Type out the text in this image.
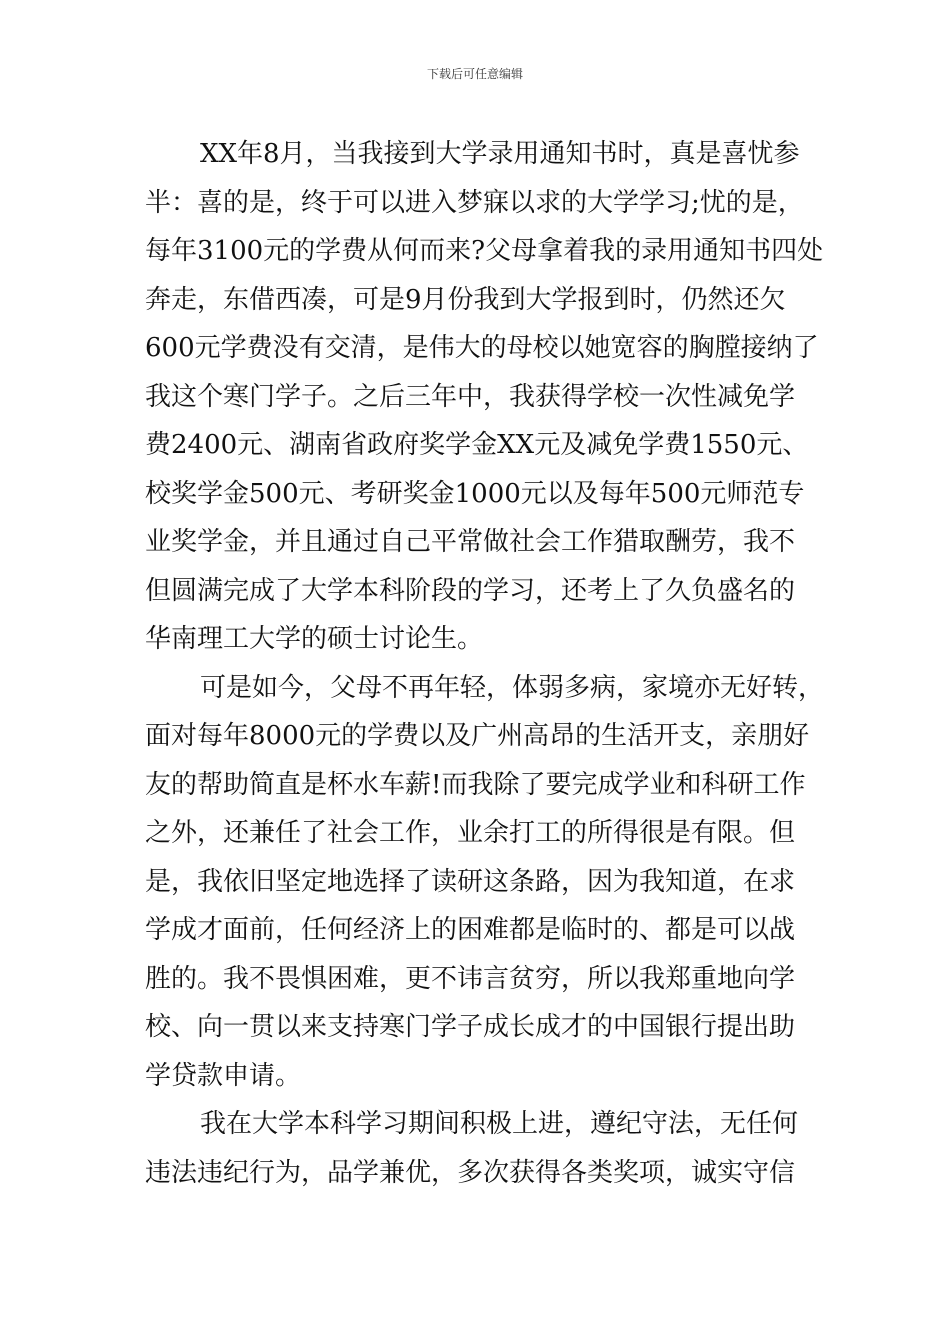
下载后可任意编辑
XX年8月，当我接到大学录用通知书时，真是喜忧参
半：喜的是，终于可以进入梦寐以求的大学学习;忧的是，
每年3100元的学费从何而来?父母拿着我的录用通知书四处
奔走，东借西凑，可是9月份我到大学报到时，仍然还欠
600元学费没有交清，是伟大的母校以她宽容的胸膛接纳了
我这个寒门学子。之后三年中，我获得学校一次性减免学
费2400元、湖南省政府奖学金XX元及减免学费1550元、
校奖学金500元、考研奖金1000元以及每年500元师范专
业奖学金，并且通过自己平常做社会工作猎取酬劳，我不
但圆满完成了大学本科阶段的学习，还考上了久负盛名的
华南理工大学的硕士讨论生。
可是如今，父母不再年轻，体弱多病，家境亦无好转，
面对每年8000元的学费以及广州高昂的生活开支，亲朋好
友的帮助简直是杯水车薪!而我除了要完成学业和科研工作
之外，还兼任了社会工作，业余打工的所得很是有限。但
是，我依旧坚定地选择了读研这条路，因为我知道，在求
学成才面前，任何经济上的困难都是临时的、都是可以战
胜的。我不畏惧困难，更不讳言贫穷，所以我郑重地向学
校、向一贯以来支持寒门学子成长成才的中国银行提出助
学贷款申请。
我在大学本科学习期间积极上进，遵纪守法，无任何
违法违纪行为，品学兼优，多次获得各类奖项，诚实守信
